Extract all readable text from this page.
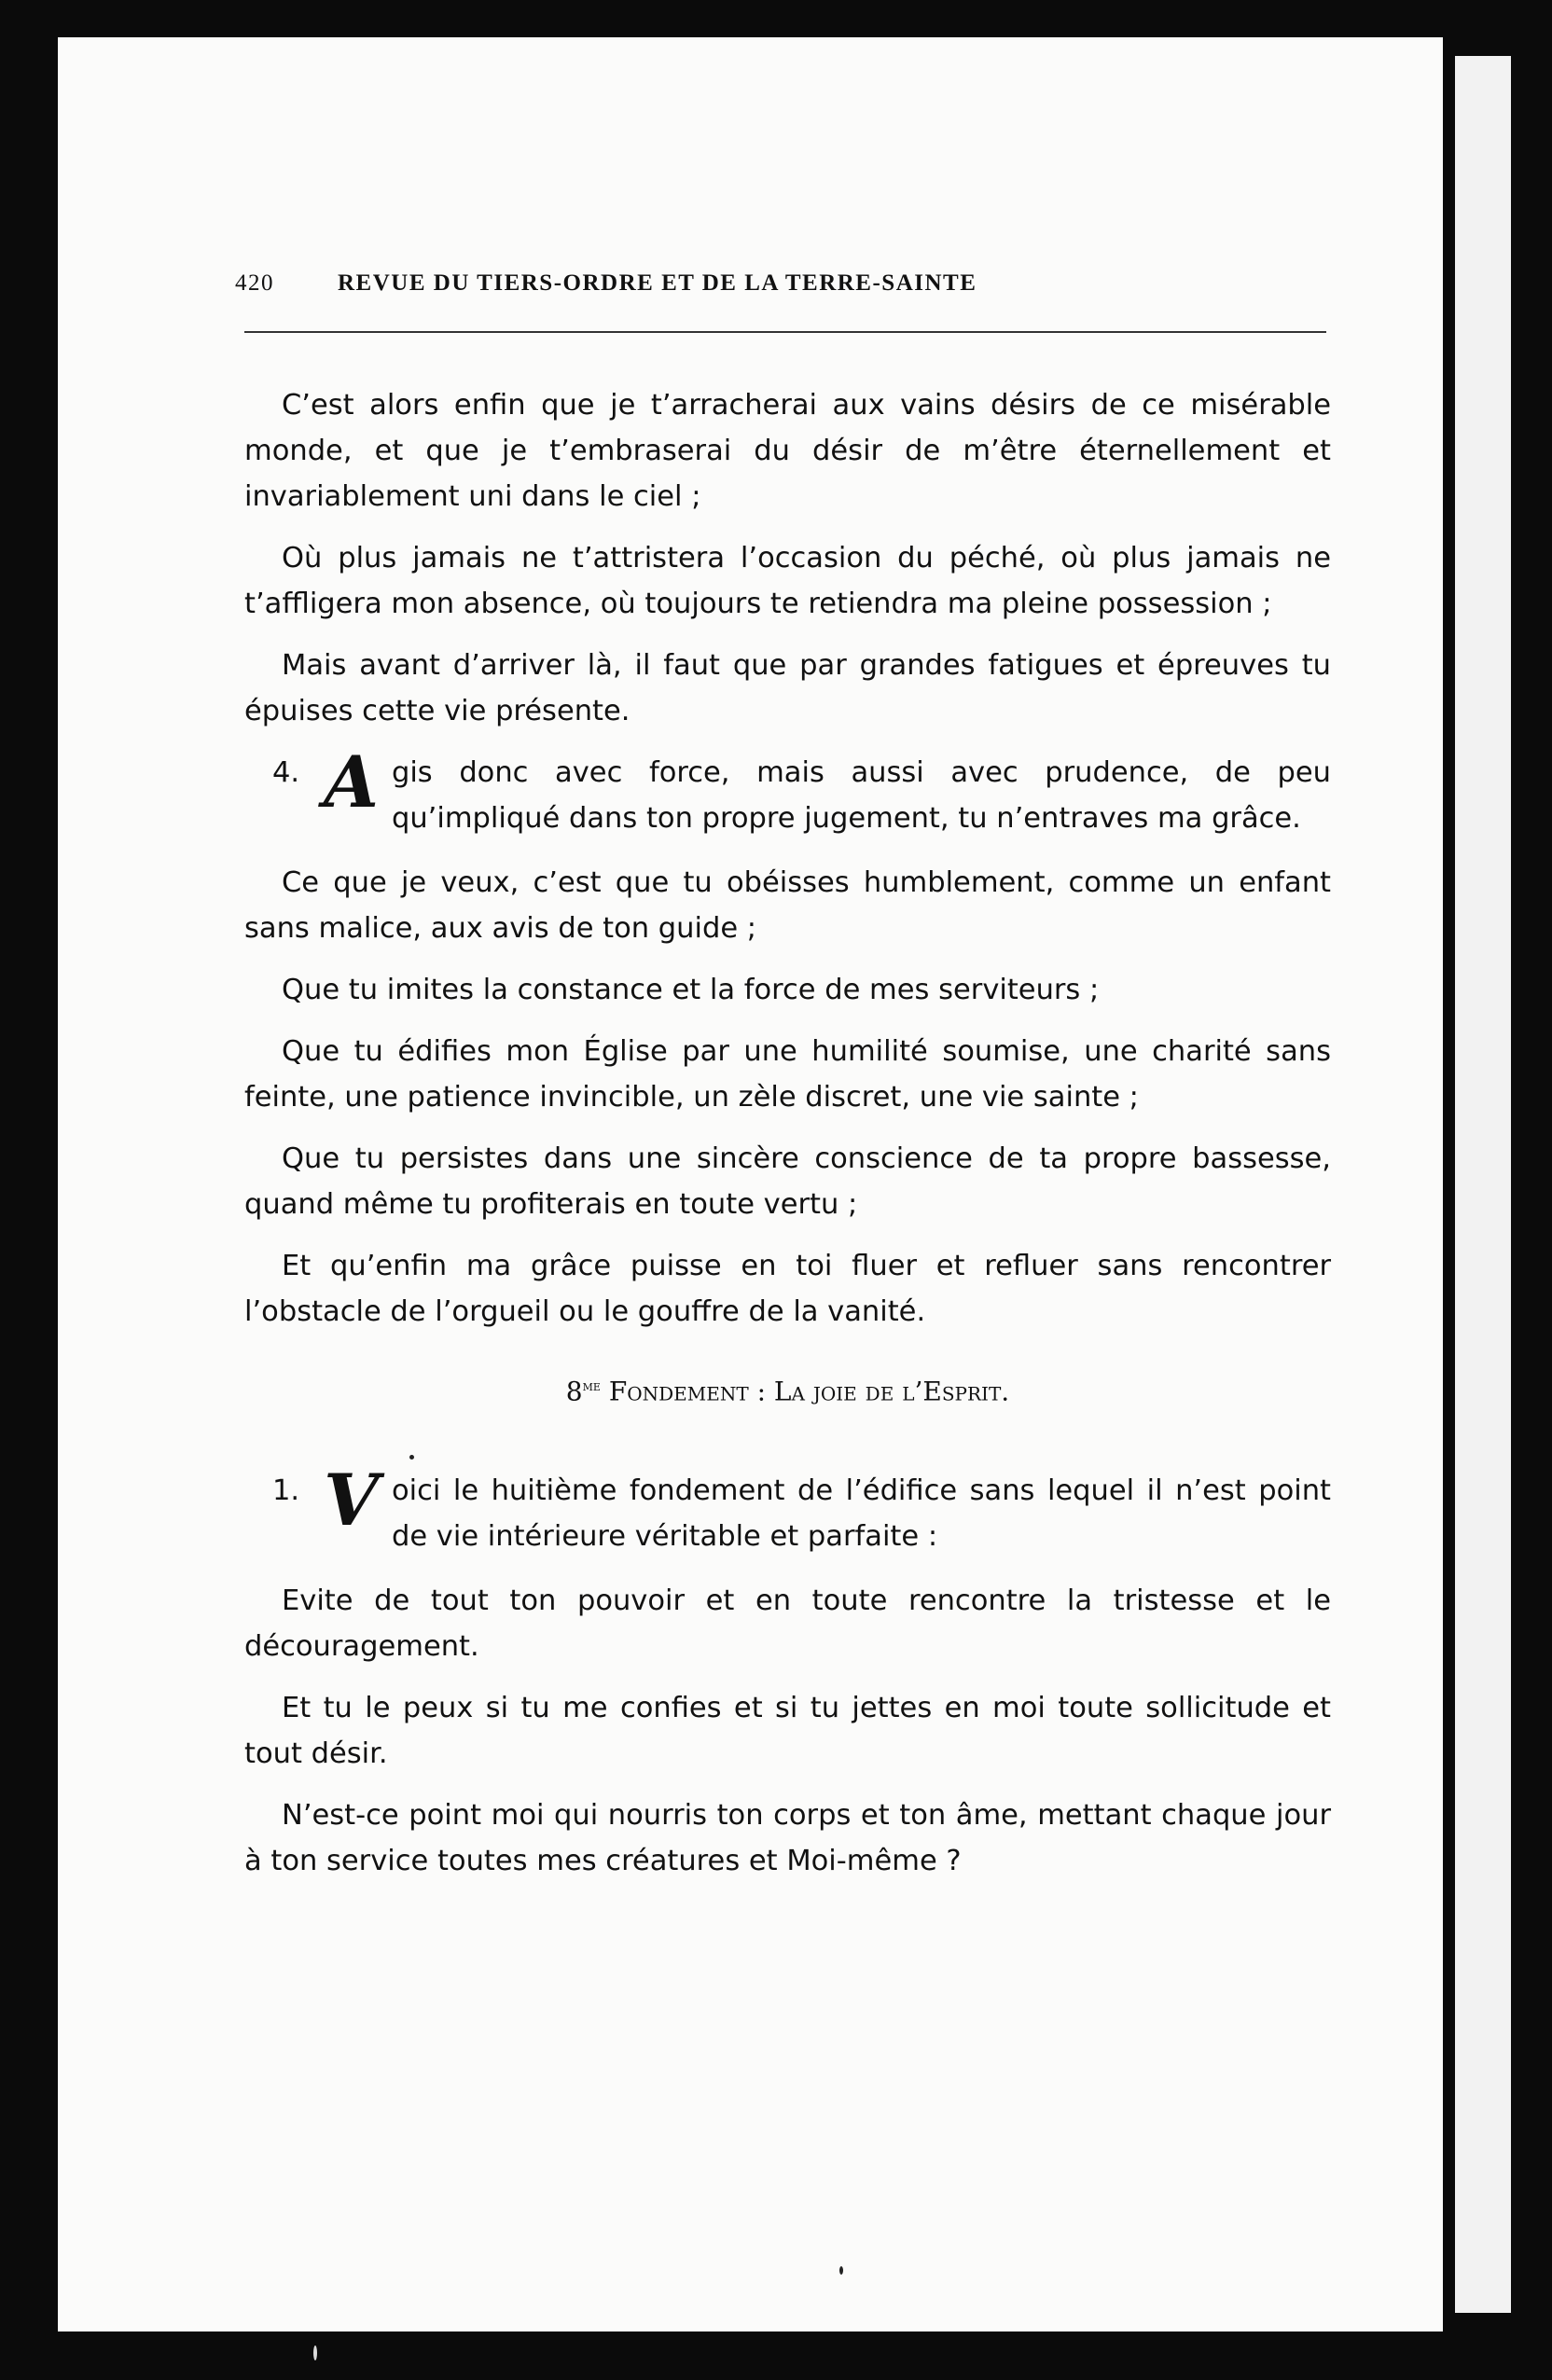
420	REVUE DU TIERS-ORDRE ET DE LA TERRE-SAINTE

C’est alors enfin que je t’arracherai aux vains désirs de ce misérable monde, et que je t’embraserai du désir de m’être éternellement et invariablement uni dans le ciel ;

Où plus jamais ne t’attristera l’occasion du péché, où plus jamais ne t’affligera mon absence, où toujours te retiendra ma pleine possession ;

Mais avant d’arriver là, il faut que par grandes fatigues et épreuves tu épuises cette vie présente.

4. A gis donc avec force, mais aussi avec prudence, de peu qu’impliqué dans ton propre jugement, tu n’entraves ma grâce.

Ce que je veux, c’est que tu obéisses humblement, comme un enfant sans malice, aux avis de ton guide ;

Que tu imites la constance et la force de mes serviteurs ;

Que tu édifies mon Église par une humilité soumise, une charité sans feinte, une patience invincible, un zèle discret, une vie sainte ;

Que tu persistes dans une sincère conscience de ta propre bassesse, quand même tu profiterais en toute vertu ;

Et qu’enfin ma grâce puisse en toi fluer et refluer sans rencontrer l’obstacle de l’orgueil ou le gouffre de la vanité.

$8^{me}$ Fondement : La joie de l’Esprit.

1. V oici le huitième fondement de l’édifice sans lequel il n’est point de vie intérieure véritable et parfaite :

Evite de tout ton pouvoir et en toute rencontre la tristesse et le découragement.

Et tu le peux si tu me confies et si tu jettes en moi toute sollicitude et tout désir.

N’est-ce point moi qui nourris ton corps et ton âme, mettant chaque jour à ton service toutes mes créatures et Moi-même ?
